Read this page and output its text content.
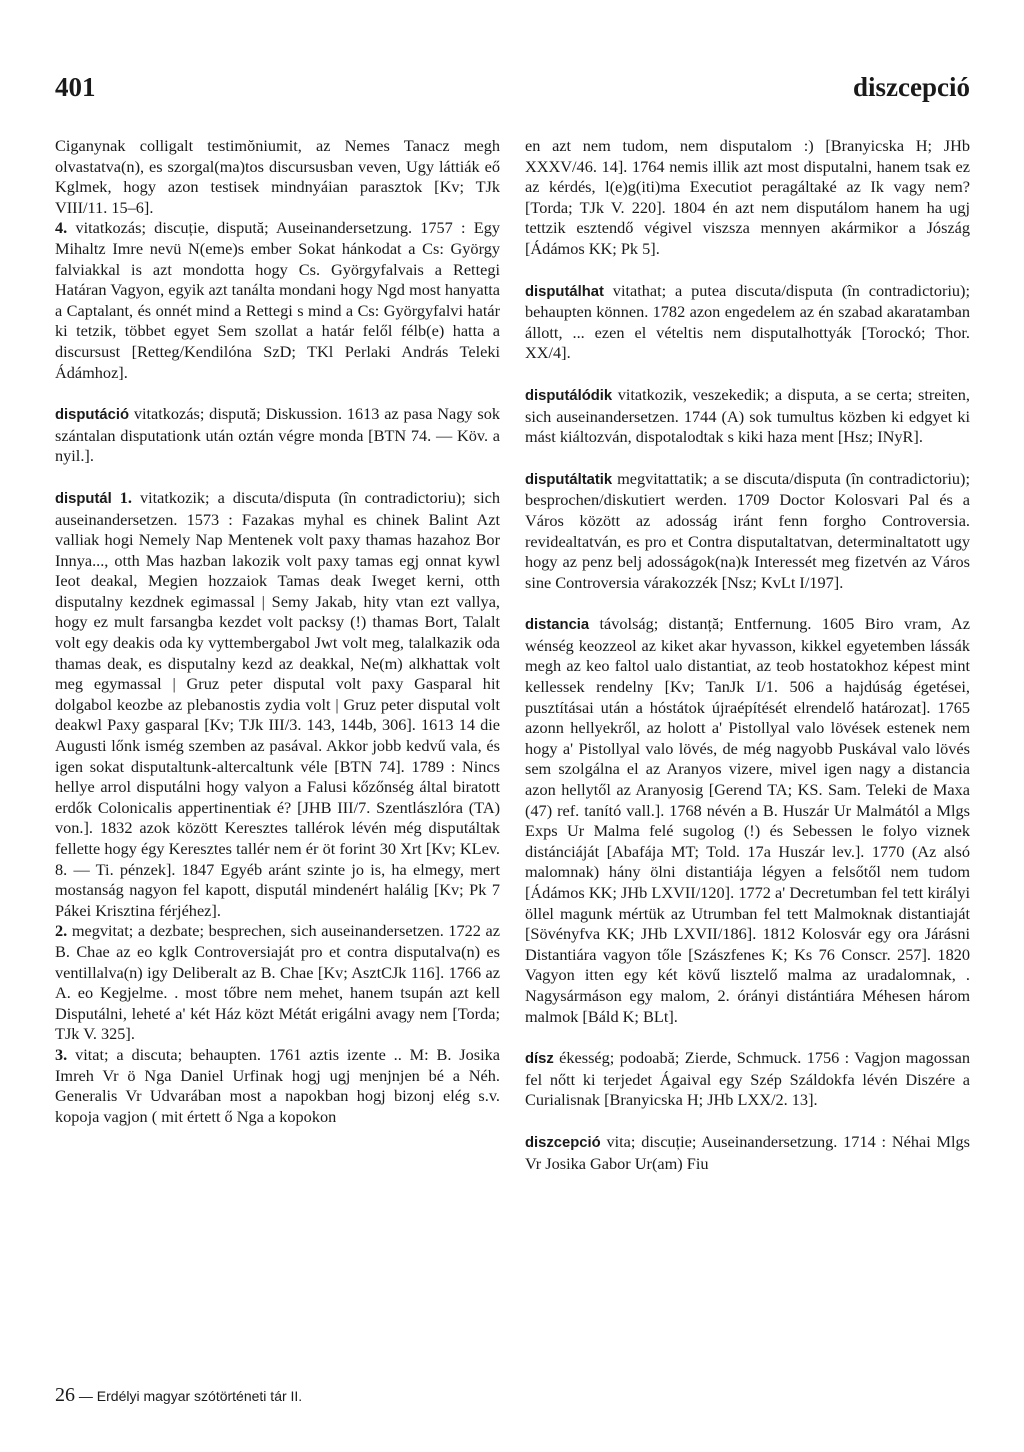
401	diszcepció
Ciganynak colligalt testimŏniumit, az Nemes Tanacz megh olvastatva(n), es szorgal(ma)tos discursusban veven, Ugy láttiák eő Kglmek, hogy azon testisek mindnyáian parasztok [Kv; TJk VIII/11. 15–6].

4. vitatkozás; discuție, dispută; Auseinandersetzung. 1757 : Egy Mihaltz Imre nevü N(eme)s ember Sokat hánkodat a Cs: György falviakkal is azt mondotta hogy Cs. Györgyfalvais a Rettegi Határan Vagyon, egyik azt tanálta mondani hogy Ngd most hanyatta a Captalant, és onnét mind a Rettegi s mind a Cs: Györgyfalvi határ ki tetzik, többet egyet Sem szollat a határ felől félb(e) hatta a discursust [Retteg/Kendilóna SzD; TKl Perlaki András Teleki Ádámhoz].

disputáció vitatkozás; dispută; Diskussion. 1613 az pasa Nagy sok szántalan disputationk után oztán végre monda [BTN 74. — Köv. a nyil.].
disputál 1. vitatkozik; a discuta/disputa (în contradictoriu); sich auseinandersetzen. 1573 : Fazakas myhal es chinek Balint Azt valliak hogi Nemely Nap Mentenek volt paxy thamas hazahoz Bor Innya..., otth Mas hazban lakozik volt paxy tamas egj onnat kywl Ieot deakal, Megien hozzaiok Tamas deak Iweget kerni, otth disputalny kezdnek egimassal | Semy Jakab, hity vtan ezt vallya, hogy ez mult farsangba kezdet volt packsy (!) thamas Bort, Talalt volt egy deakis oda ky vyttembergabol Jwt volt meg, talalkazik oda thamas deak, es disputalny kezd az deakkal, Ne(m) alkhattak volt meg egymassal | Gruz peter disputal volt paxy Gasparal hit dolgabol keozbe az plebanostis zydia volt | Gruz peter disputal volt deakwl Paxy gasparal [Kv; TJk III/3. 143, 144b, 306]. 1613 14 die Augusti lőnk ismég szemben az pasával. Akkor jobb kedvű vala, és igen sokat disputaltunk-altercaltunk véle [BTN 74]. 1789 : Nincs hellye arrol disputálni hogy valyon a Falusi kőzőnség által biratott erdők Colonicalis appertinentiak é? [JHB III/7. Szentlászlóra (TA) von.]. 1832 azok között Keresztes tallérok lévén még disputáltak fellette hogy égy Keresztes tallér nem ér öt forint 30 Xrt [Kv; KLev. 8. — Ti. pénzek]. 1847 Egyéb aránt szinte jo is, ha elmegy, mert mostanság nagyon fel kapott, disputál mindenért halálig [Kv; Pk 7 Pákei Krisztina férjéhez].

2. megvitat; a dezbate; besprechen, sich auseinandersetzen. 1722 az B. Chae az eo kglk Controversiaját pro et contra disputalva(n) es ventillalva(n) igy Deliberalt az B. Chae [Kv; AsztCJk 116]. 1766 az A. eo Kegjelme. . most tőbre nem mehet, hanem tsupán azt kell Disputálni, leheté a' két Ház közt Métát erigálni avagy nem [Torda; TJk V. 325].

3. vitat; a discuta; behaupten. 1761 aztis izente .. M: B. Josika Imreh Vr ö Nga Daniel Urfinak hogj ugj menjnjen bé a Néh. Generalis Vr Udvarában most a napokban hogj bizonj elég s.v. kopoja vagjon ( mit értett ő Nga a kopokon

en azt nem tudom, nem disputalom :) [Branyicska H; JHb XXXV/46. 14]. 1764 nemis illik azt most disputalni, hanem tsak ez az kérdés, l(e)g(iti)ma Executiot peragáltaké az Ik vagy nem? [Torda; TJk V. 220]. 1804 én azt nem disputálom hanem ha ugj tettzik esztendő végivel viszsza mennyen akármikor a Jószág [Ádámos KK; Pk 5].
disputálhat vitathat; a putea discuta/disputa (în contradictoriu); behaupten können. 1782 azon engedelem az én szabad akaratamban állott, ... ezen el vételtis nem disputalhottyák [Torockó; Thor. XX/4].
disputálódik vitatkozik, veszekedik; a disputa, a se certa; streiten, sich auseinandersetzen. 1744 (A) sok tumultus közben ki edgyet ki mást kiáltozván, dispotalodtak s kiki haza ment [Hsz; INyR].
disputáltatik megvitattatik; a se discuta/disputa (în contradictoriu); besprochen/diskutiert werden. 1709 Doctor Kolosvari Pal és a Város között az adosság iránt fenn forgho Controversia. revidealtatván, es pro et Contra disputaltatvan, determinaltatott ugy hogy az penz belj adosságok(na)k Interessét meg fizetvén az Város sine Controversia várakozzék [Nsz; KvLt I/197].
distancia távolság; distanță; Entfernung. 1605 Biro vram, Az wénség keozzeol az kiket akar hyvasson, kikkel egyetemben lássák megh az keo faltol ualo distantiat, az teob hostatokhoz képest mint kellessek rendelny [Kv; TanJk I/1. 506 a hajdúság égetései, pusztításai után a hóstátok újraépítését elrendelő határozat]. 1765 azonn hellyekről, az holott a' Pistollyal valo lövések estenek nem hogy a' Pistollyal valo lövés, de még nagyobb Puskával valo lövés sem szolgálna el az Aranyos vizere, mivel igen nagy a distancia azon hellytől az Aranyosig [Gerend TA; KS. Sam. Teleki de Maxa (47) ref. tanító vall.]. 1768 névén a B. Huszár Ur Malmától a Mlgs Exps Ur Malma felé sugolog (!) és Sebessen le folyo viznek distánciáját [Abafája MT; Told. 17a Huszár lev.]. 1770 (Az alsó malomnak) hány ölni distantiája légyen a felsőtől nem tudom [Ádámos KK; JHb LXVII/120]. 1772 a' Decretumban fel tett királyi öllel magunk mértük az Utrumban fel tett Malmoknak distantiaját [Sövényfva KK; JHb LXVII/186]. 1812 Kolosvár egy ora Járásni Distantiára vagyon tőle [Szászfenes K; Ks 76 Conscr. 257]. 1820 Vagyon itten egy két kövű lisztelő malma az uradalomnak, . Nagysármáson egy malom, 2. órányi distántiára Méhesen három malmok [Báld K; BLt].
dísz ékesség; podoabă; Zierde, Schmuck. 1756 : Vagjon magossan fel nőtt ki terjedet Ágaival egy Szép Száldokfa lévén Diszére a Curialisnak [Branyicska H; JHb LXX/2. 13].
diszcepció vita; discuție; Auseinandersetzung. 1714 : Néhai Mlgs Vr Josika Gabor Ur(am) Fiu
26 — Erdélyi magyar szótörténeti tár II.
